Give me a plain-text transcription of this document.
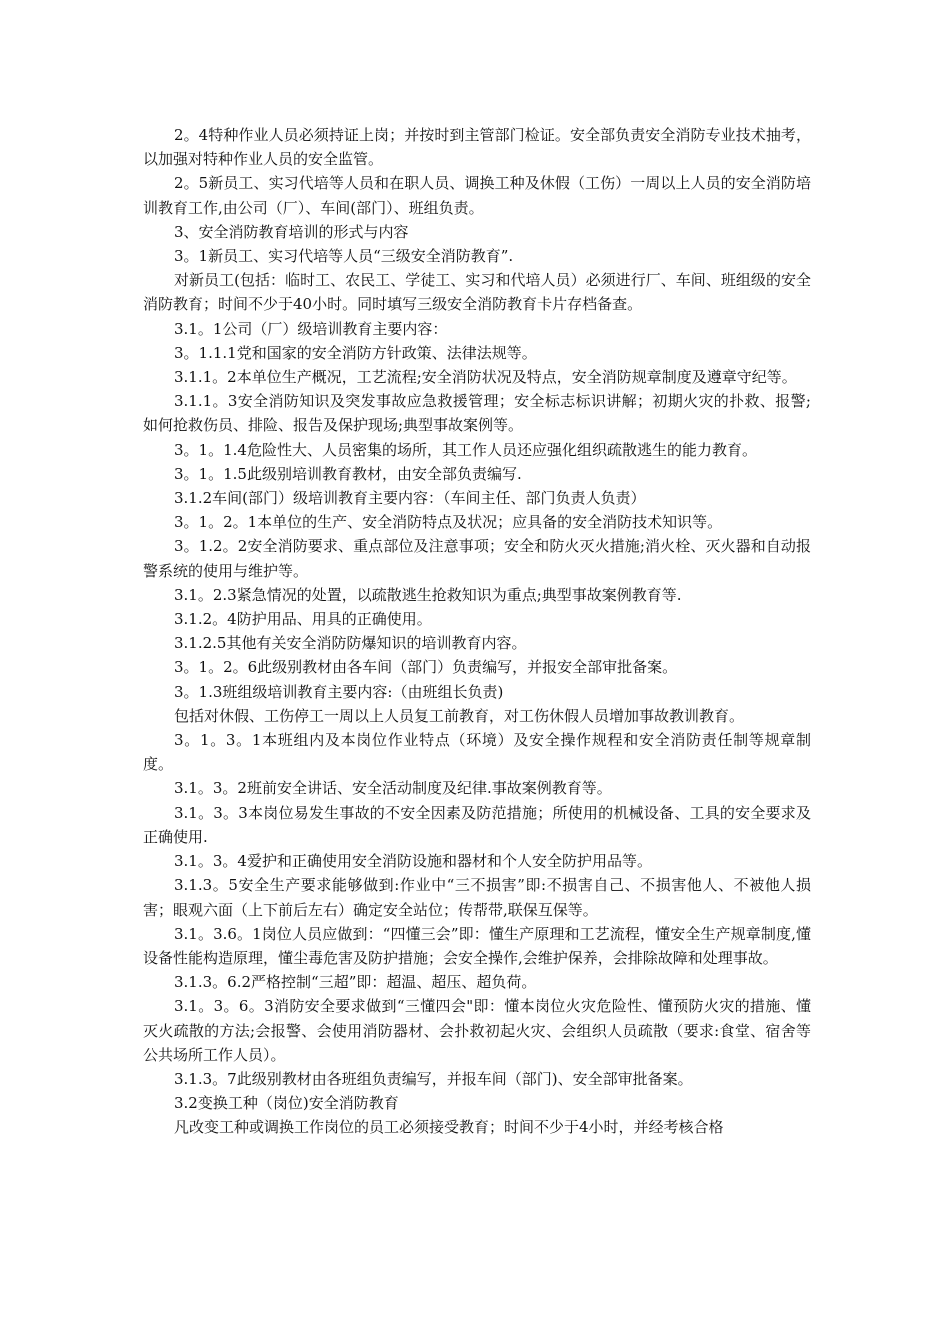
2。4特种作业人员必须持证上岗；并按时到主管部门检证。安全部负责安全消防专业技术抽考，以加强对特种作业人员的安全监管。

2。5新员工、实习代培等人员和在职人员、调换工种及休假（工伤）一周以上人员的安全消防培训教育工作,由公司（厂）、车间(部门）、班组负责。

3、安全消防教育培训的形式与内容

3。1新员工、实习代培等人员“三级安全消防教育”.

对新员工(包括：临时工、农民工、学徒工、实习和代培人员）必须进行厂、车间、班组级的安全消防教育；时间不少于40小时。同时填写三级安全消防教育卡片存档备查。

3.1。1公司（厂）级培训教育主要内容：

3。1.1.1党和国家的安全消防方针政策、法律法规等。

3.1.1。2本单位生产概况，工艺流程;安全消防状况及特点，安全消防规章制度及遵章守纪等。

3.1.1。3安全消防知识及突发事故应急救援管理；安全标志标识讲解；初期火灾的扑救、报警;如何抢救伤员、排险、报告及保护现场;典型事故案例等。

3。1。1.4危险性大、人员密集的场所，其工作人员还应强化组织疏散逃生的能力教育。

3。1。1.5此级别培训教育教材，由安全部负责编写.

3.1.2车间(部门）级培训教育主要内容：（车间主任、部门负责人负责）

3。1。2。1本单位的生产、安全消防特点及状况；应具备的安全消防技术知识等。

3。1.2。2安全消防要求、重点部位及注意事项；安全和防火灭火措施;消火栓、灭火器和自动报警系统的使用与维护等。

3.1。2.3紧急情况的处置，以疏散逃生抢救知识为重点;典型事故案例教育等.

3.1.2。4防护用品、用具的正确使用。

3.1.2.5其他有关安全消防防爆知识的培训教育内容。

3。1。2。6此级别教材由各车间（部门）负责编写，并报安全部审批备案。

3。1.3班组级培训教育主要内容:（由班组长负责)

包括对休假、工伤停工一周以上人员复工前教育，对工伤休假人员增加事故教训教育。

3。1。3。1本班组内及本岗位作业特点（环境）及安全操作规程和安全消防责任制等规章制度。

3.1。3。2班前安全讲话、安全活动制度及纪律.事故案例教育等。

3.1。3。3本岗位易发生事故的不安全因素及防范措施；所使用的机械设备、工具的安全要求及正确使用.

3.1。3。4爱护和正确使用安全消防设施和器材和个人安全防护用品等。

3.1.3。5安全生产要求能够做到:作业中“三不损害”即:不损害自己、不损害他人、不被他人损害；眼观六面（上下前后左右）确定安全站位；传帮带,联保互保等。

3.1。3.6。1岗位人员应做到：“四懂三会”即：懂生产原理和工艺流程，懂安全生产规章制度,懂设备性能构造原理，懂尘毒危害及防护措施；会安全操作,会维护保养，会排除故障和处理事故。

3.1.3。6.2严格控制“三超”即：超温、超压、超负荷。

3.1。3。6。3消防安全要求做到“三懂四会"即：懂本岗位火灾危险性、懂预防火灾的措施、懂灭火疏散的方法;会报警、会使用消防器材、会扑救初起火灾、会组织人员疏散（要求:食堂、宿舍等公共场所工作人员）。

3.1.3。7此级别教材由各班组负责编写，并报车间（部门)、安全部审批备案。

3.2变换工种（岗位)安全消防教育

凡改变工种或调换工作岗位的员工必须接受教育；时间不少于4小时，并经考核合格
